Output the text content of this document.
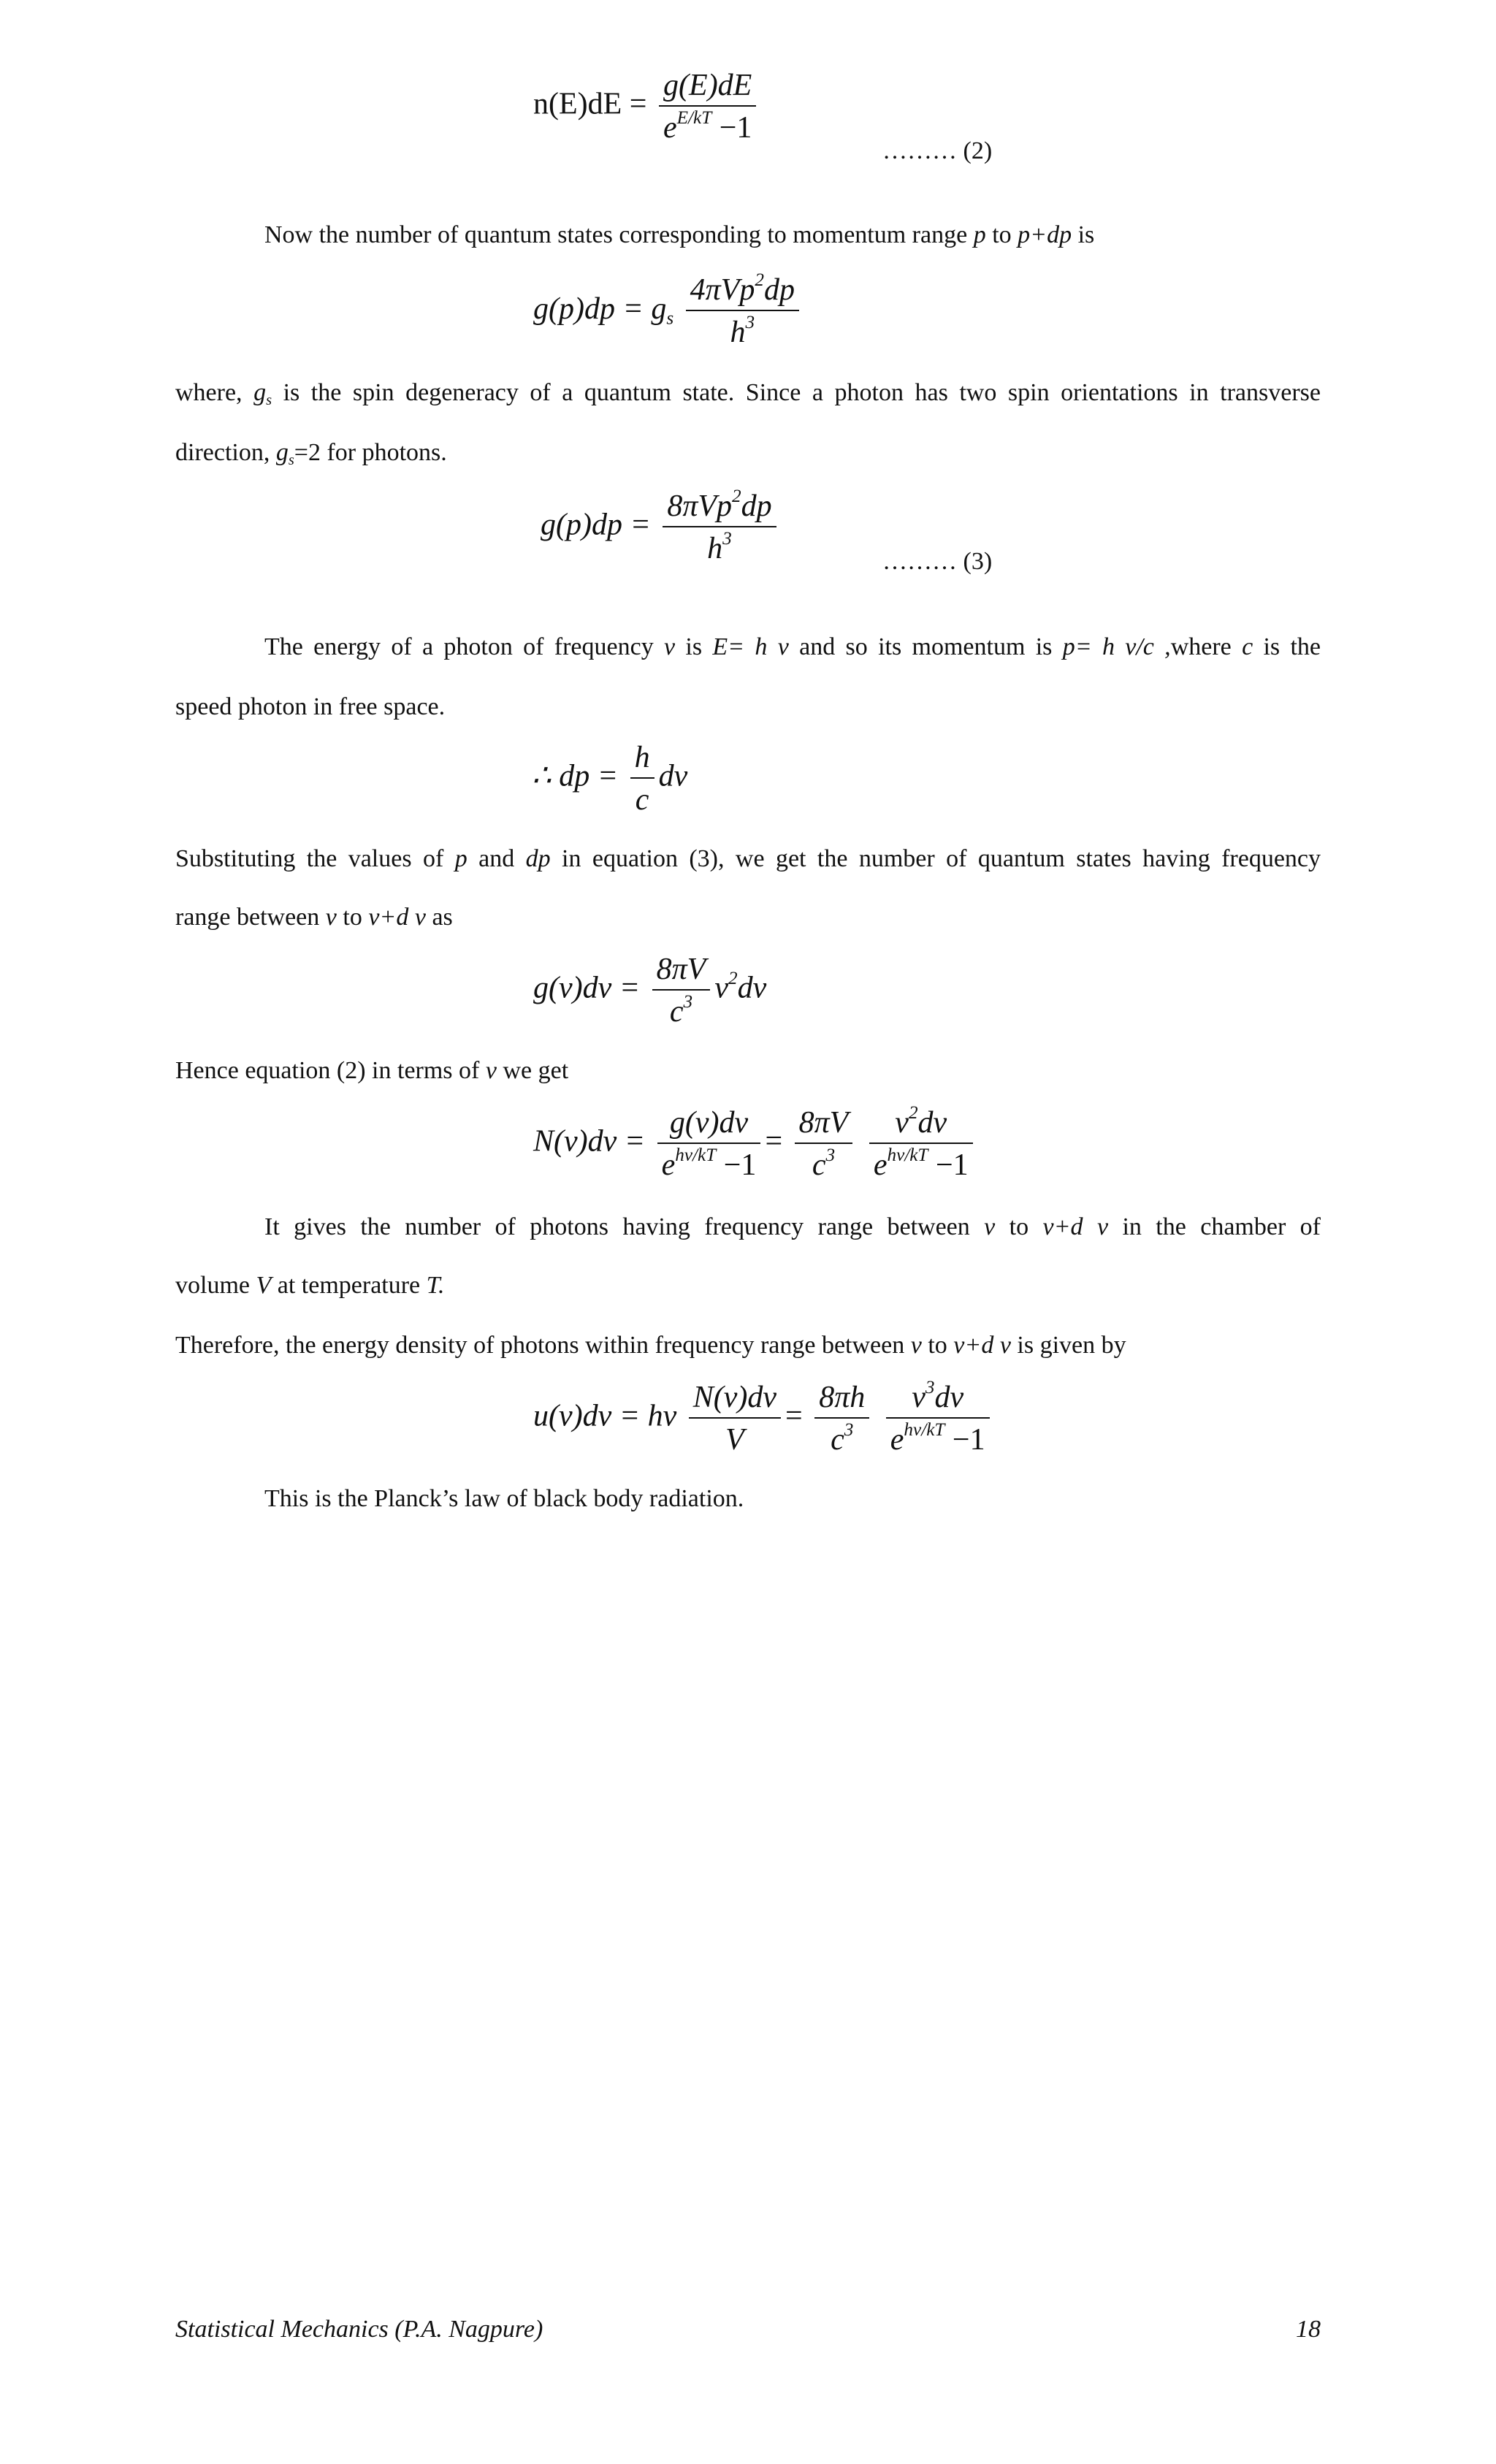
$n(E)dE = \frac{g(E)dE}{e^{E/kT} -1}$
……… (2)
Now the number of quantum states corresponding to momentum range p to p+dp is
$g(p)dp = g_s \frac{4\pi Vp^2dp}{h^3}$
where, $g_s$ is the spin degeneracy of a quantum state. Since a photon has two spin orientations in transverse
direction, $g_s=2$ for photons.
$g(p)dp = \frac{8\pi Vp^2dp}{h^3}$	……… (3)
The energy of a photon of frequency ν is E= h ν and so its momentum is p= h ν/c ,where c is the
speed photon in free space.
∴ dp = $\frac{h}{c}$ dν
Substituting the values of p and dp in equation (3), we get the number of quantum states having frequency
range between ν to ν+d ν as
$g(\nu)d\nu = \frac{8\pi V}{c^3} \nu^2d\nu$
Hence equation (2) in terms of ν we get
$N(\nu)d\nu = \frac{g(\nu)d\nu}{e^{h\nu/kT} -1} = \frac{8\pi V}{c^3}$
$\frac{\nu^2d\nu}{e^{h\nu/kT} -1}$
It gives the number of photons having frequency range between ν to ν+d ν in the chamber of
volume V at temperature T.
Therefore, the energy density of photons within frequency range between ν to ν+d ν is given by
u(ν)dν = hν $\frac{N(\nu)d\nu}{V} = \frac{8\pi h}{c^3}$
$\frac{\nu^3d\nu}{e^{h\nu/kT} -1}$
This is the Planck’s law of black body radiation.
Statistical Mechanics (P.A. Nagpure)	18
